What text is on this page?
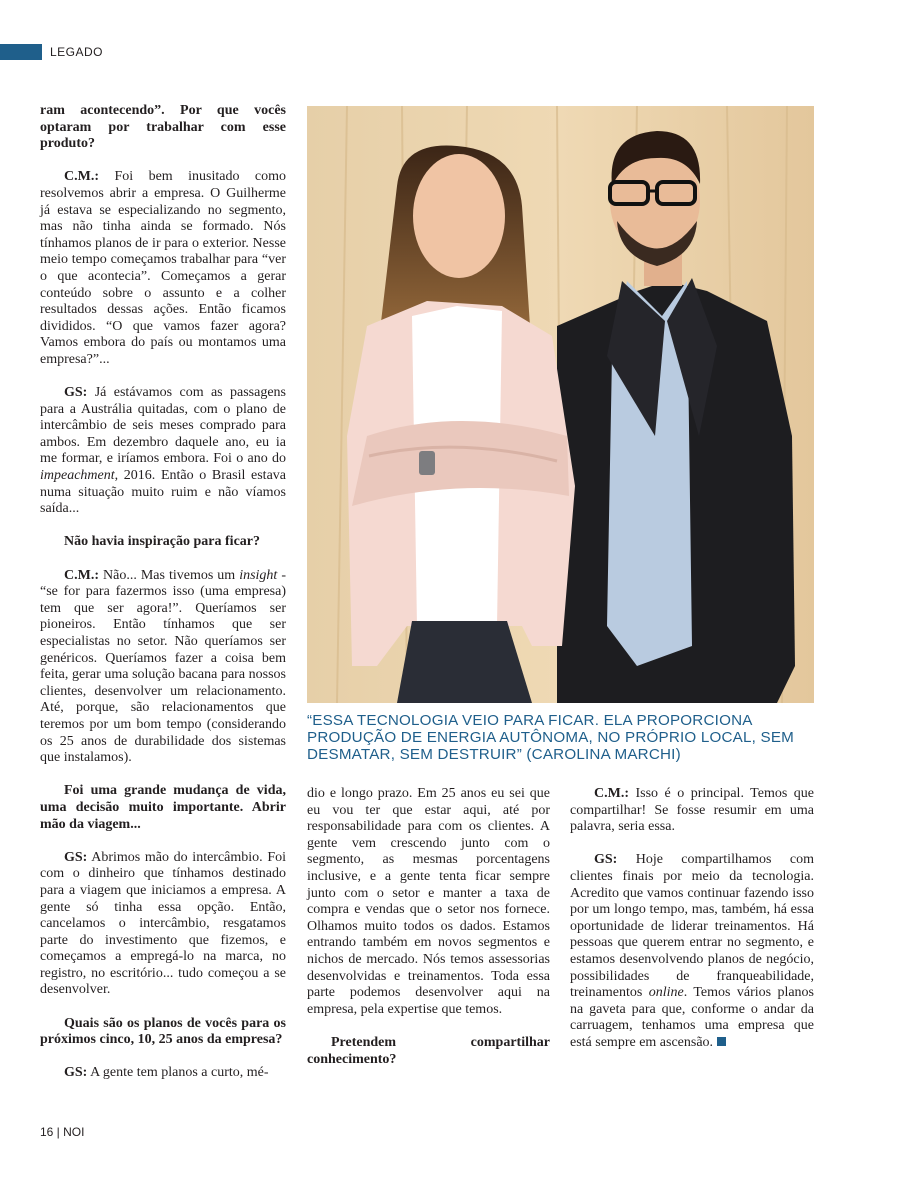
LEGADO

ram acontecendo”. Por que vocês optaram por trabalhar com esse produto?

C.M.: Foi bem inusitado como resolvemos abrir a empresa. O Guilherme já estava se especializando no segmento, mas não tinha ainda se formado. Nós tínhamos planos de ir para o exterior. Nesse meio tempo começamos trabalhar para “ver o que acontecia”. Começamos a gerar conteúdo sobre o assunto e a colher resultados dessas ações. Então ficamos divididos. “O que vamos fazer agora? Vamos embora do país ou montamos uma empresa?”...

GS: Já estávamos com as passagens para a Austrália quitadas, com o plano de intercâmbio de seis meses comprado para ambos. Em dezembro daquele ano, eu ia me formar, e iríamos embora. Foi o ano do impeachment, 2016. Então o Brasil estava numa situação muito ruim e não víamos saída...

Não havia inspiração para ficar?

C.M.: Não... Mas tivemos um insight - “se for para fazermos isso (uma empresa) tem que ser agora!”. Queríamos ser pioneiros. Então tínhamos que ser especialistas no setor. Não queríamos ser genéricos. Queríamos fazer a coisa bem feita, gerar uma solução bacana para nossos clientes, desenvolver um relacionamento. Até, porque, são relacionamentos que teremos por um bom tempo (considerando os 25 anos de durabilidade dos sistemas que instalamos).

Foi uma grande mudança de vida, uma decisão muito importante. Abrir mão da viagem...

GS: Abrimos mão do intercâmbio. Foi com o dinheiro que tínhamos destinado para a viagem que iniciamos a empresa. A gente só tinha essa opção. Então, cancelamos o intercâmbio, resgatamos parte do investimento que fizemos, e começamos a empregá-lo na marca, no registro, no escritório... tudo começou a se desenvolver.

Quais são os planos de vocês para os próximos cinco, 10, 25 anos da empresa?

GS: A gente tem planos a curto, mé-

“ESSA TECNOLOGIA VEIO PARA FICAR. ELA PROPORCIONA PRODUÇÃO DE ENERGIA AUTÔNOMA, NO PRÓPRIO LOCAL, SEM DESMATAR, SEM DESTRUIR” (CAROLINA MARCHI)

dio e longo prazo. Em 25 anos eu sei que eu vou ter que estar aqui, até por responsabilidade para com os clientes. A gente vem crescendo junto com o segmento, as mesmas porcentagens inclusive, e a gente tenta ficar sempre junto com o setor e manter a taxa de compra e vendas que o setor nos fornece. Olhamos muito todos os dados. Estamos entrando também em novos segmentos e nichos de mercado. Nós temos assessorias desenvolvidas e treinamentos. Toda essa parte podemos desenvolver aqui na empresa, pela expertise que temos.

Pretendem compartilhar conhecimento?

C.M.: Isso é o principal. Temos que compartilhar! Se fosse resumir em uma palavra, seria essa.

GS: Hoje compartilhamos com clientes finais por meio da tecnologia. Acredito que vamos continuar fazendo isso por um longo tempo, mas, também, há essa oportunidade de liderar treinamentos. Há pessoas que querem entrar no segmento, e estamos desenvolvendo planos de negócio, possibilidades de franqueabilidade, treinamentos online. Temos vários planos na gaveta para que, conforme o andar da carruagem, tenhamos uma empresa que está sempre em ascensão.

16 | NOI
